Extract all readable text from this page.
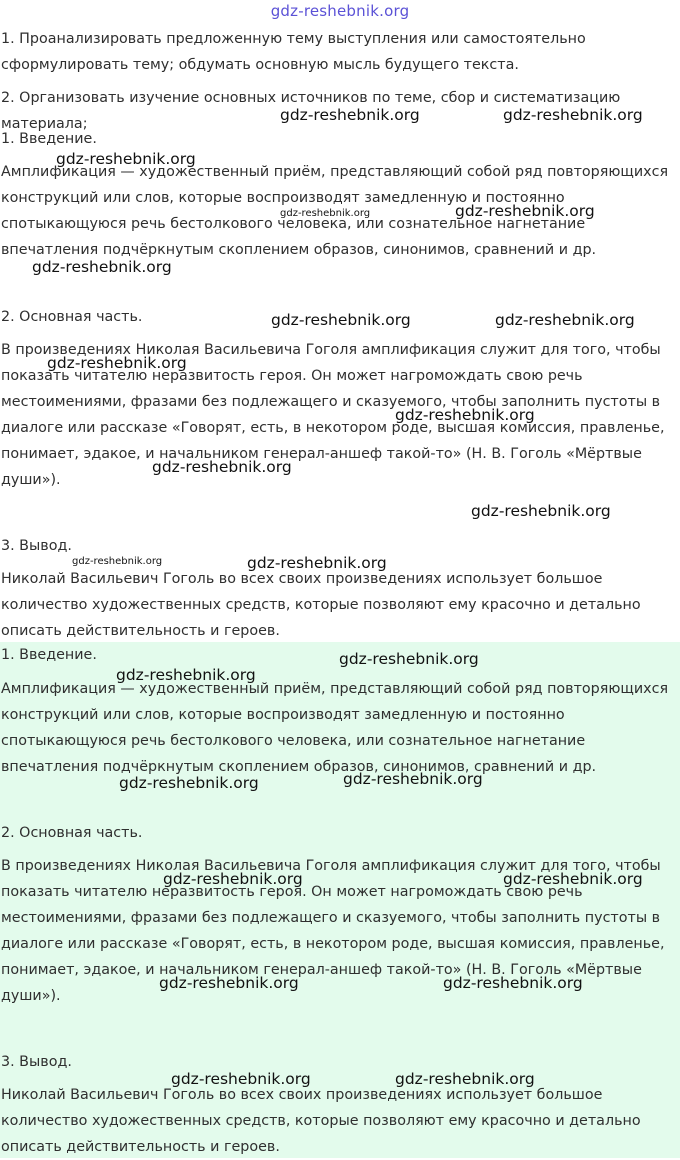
gdz-reshebnik.org

1. Проанализировать предложенную тему выступления или самостоятельно сформулировать тему; обдумать основную мысль будущего текста.

2. Организовать изучение основных источников по теме, сбор и систематизацию материала;

1. Введение.

Амплификация — художественный приём, представляющий собой ряд повторяющихся конструкций или слов, которые воспроизводят замедленную и постоянно спотыкающуюся речь бестолкового человека, или сознательное нагнетание впечатления подчёркнутым скоплением образов, синонимов, сравнений и др.

2. Основная часть.

В произведениях Николая Васильевича Гоголя амплификация служит для того, чтобы показать читателю неразвитость героя. Он может нагромождать свою речь местоимениями, фразами без подлежащего и сказуемого, чтобы заполнить пустоты в диалоге или рассказе «Говорят, есть, в некотором роде, высшая комиссия, правленье, понимает, эдакое, и начальником генерал-аншеф такой-то» (Н. В. Гоголь «Мёртвые души»).

3. Вывод.

Николай Васильевич Гоголь во всех своих произведениях использует большое количество художественных средств, которые позволяют ему красочно и детально описать действительность и героев.

1. Введение.

Амплификация — художественный приём, представляющий собой ряд повторяющихся конструкций или слов, которые воспроизводят замедленную и постоянно спотыкающуюся речь бестолкового человека, или сознательное нагнетание впечатления подчёркнутым скоплением образов, синонимов, сравнений и др.

2. Основная часть.

В произведениях Николая Васильевича Гоголя амплификация служит для того, чтобы показать читателю неразвитость героя. Он может нагромождать свою речь местоимениями, фразами без подлежащего и сказуемого, чтобы заполнить пустоты в диалоге или рассказе «Говорят, есть, в некотором роде, высшая комиссия, правленье, понимает, эдакое, и начальником генерал-аншеф такой-то» (Н. В. Гоголь «Мёртвые души»).

3. Вывод.

Николай Васильевич Гоголь во всех своих произведениях использует большое количество художественных средств, которые позволяют ему красочно и детально описать действительность и героев.

gdz-reshebnik.org	gdz-reshebnik.org
gdz-reshebnik.org
gdz-reshebnik.org	gdz-reshebnik.org
gdz-reshebnik.org
gdz-reshebnik.org	gdz-reshebnik.org
gdz-reshebnik.org
gdz-reshebnik.org
gdz-reshebnik.org
gdz-reshebnik.org
gdz-reshebnik.org	gdz-reshebnik.org
gdz-reshebnik.org
gdz-reshebnik.org
gdz-reshebnik.org	gdz-reshebnik.org
gdz-reshebnik.org	gdz-reshebnik.org
gdz-reshebnik.org	gdz-reshebnik.org
gdz-reshebnik.org	gdz-reshebnik.org
